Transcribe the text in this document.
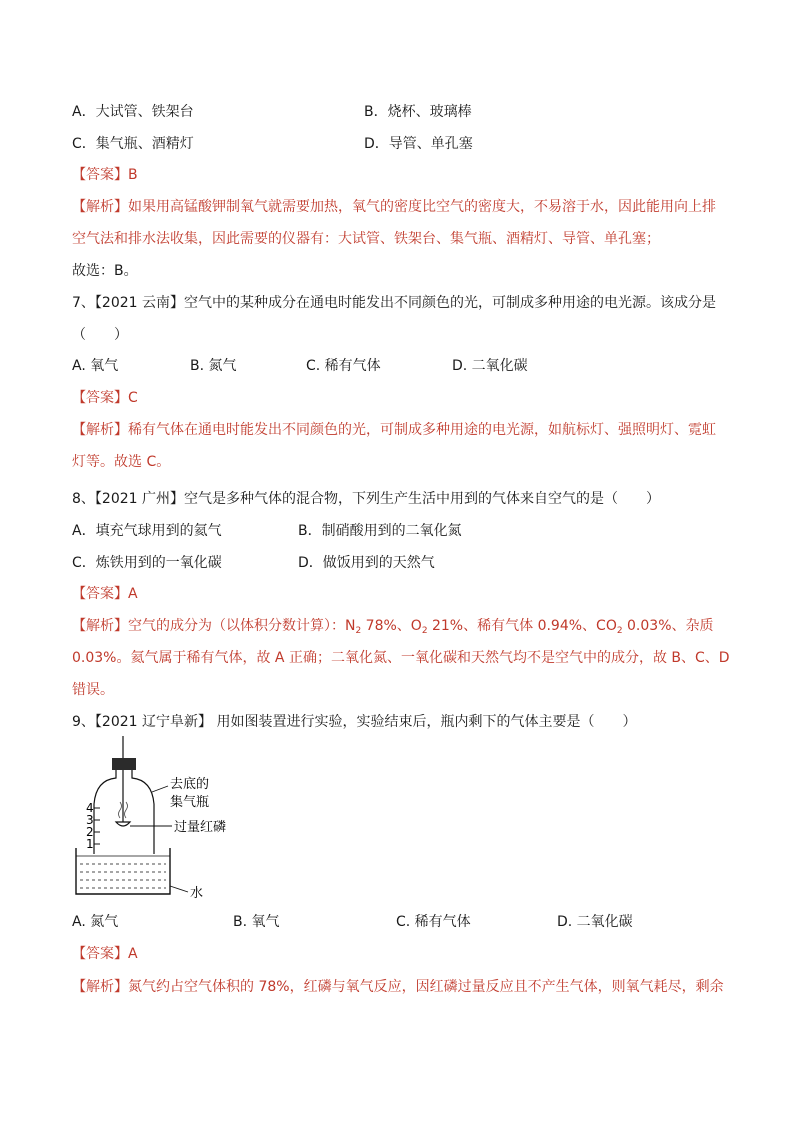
A．大试管、铁架台	B．烧杯、玻璃棒
C．集气瓶、酒精灯	D．导管、单孔塞
【答案】B
【解析】如果用高锰酸钾制氧气就需要加热，氧气的密度比空气的密度大，不易溶于水，因此能用向上排
空气法和排水法收集，因此需要的仪器有：大试管、铁架台、集气瓶、酒精灯、导管、单孔塞；
故选：B。
7、【2021 云南】空气中的某种成分在通电时能发出不同颜色的光，可制成多种用途的电光源。该成分是
（　　）
A. 氧气	B. 氮气	C. 稀有气体	D. 二氧化碳
【答案】C
【解析】稀有气体在通电时能发出不同颜色的光，可制成多种用途的电光源，如航标灯、强照明灯、霓虹
灯等。故选 C。
8、【2021 广州】空气是多种气体的混合物，下列生产生活中用到的气体来自空气的是（　　）
A．填充气球用到的氦气	B．制硝酸用到的二氧化氮
C．炼铁用到的一氧化碳	D．做饭用到的天然气
【答案】A
【解析】空气的成分为（以体积分数计算）：$N_2$ 78%、$O_2$ 21%、稀有气体 0.94%、$CO_2$ 0.03%、杂质
0.03%。氦气属于稀有气体，故 A 正确；二氧化氮、一氧化碳和天然气均不是空气中的成分，故 B、C、D
错误。
9、【2021 辽宁阜新】 用如图装置进行实验，实验结束后，瓶内剩下的气体主要是（　　）
4
3
2
1
去底的
集气瓶
过量红磷
水
A. 氮气	B. 氧气	C. 稀有气体	D. 二氧化碳
【答案】A
【解析】氮气约占空气体积的 78%，红磷与氧气反应，因红磷过量反应且不产生气体，则氧气耗尽，剩余
